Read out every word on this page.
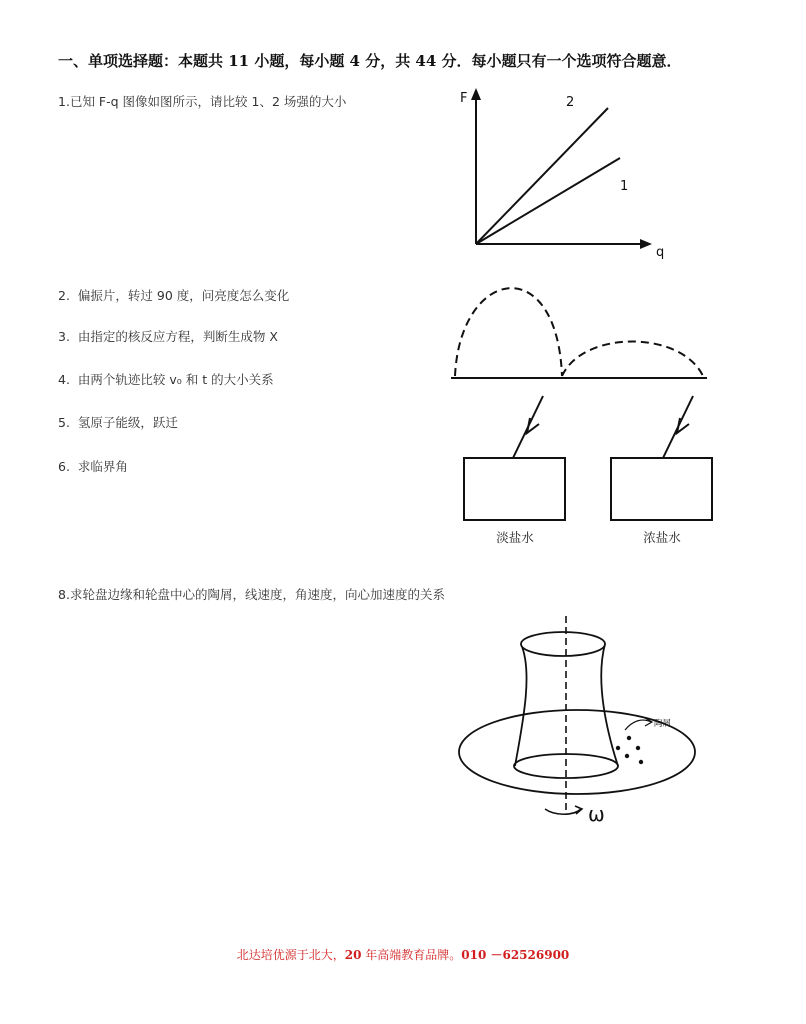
一、单项选择题：本题共 11 小题，每小题 4 分，共 44 分．每小题只有一个选项符合题意．
1.已知 F-q 图像如图所示，请比较 1、2 场强的大小	F
q
2
1
2. 偏振片，转过 90 度，问亮度怎么变化
3. 由指定的核反应方程，判断生成物 X
4. 由两个轨迹比较 v₀ 和 t 的大小关系
5. 氢原子能级，跃迁
6. 求临界角
淡盐水	浓盐水
8.求轮盘边缘和轮盘中心的陶屑，线速度，角速度，向心加速度的关系
陶屑
ω
北达培优源于北大，20 年高端教育品牌。010 －62526900
